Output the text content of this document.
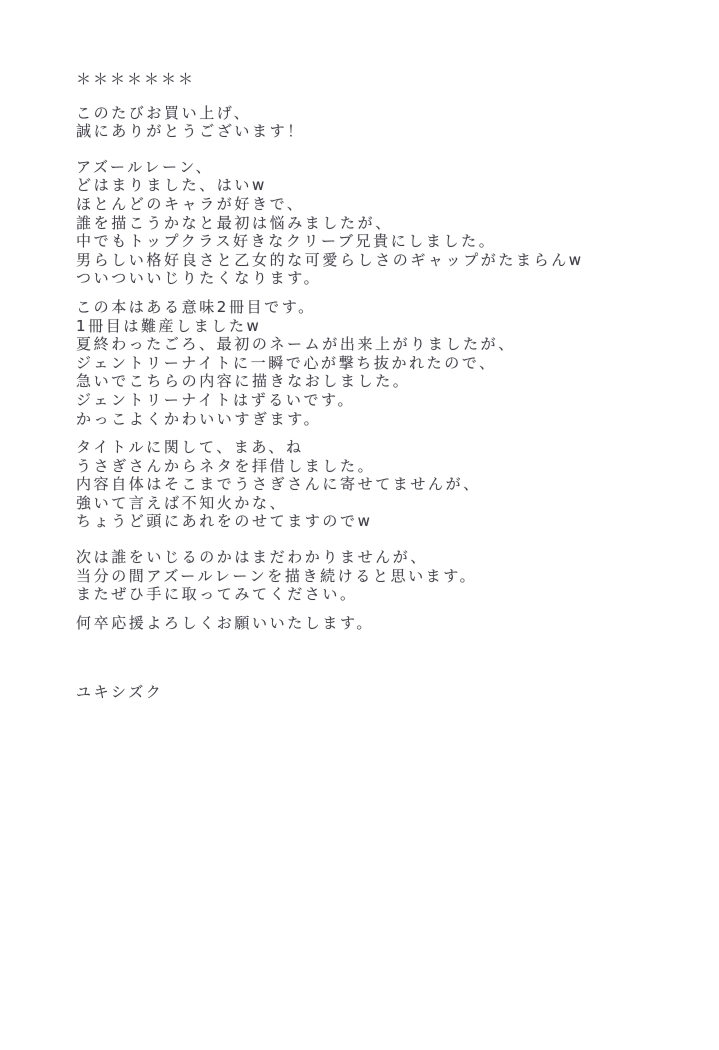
＊＊＊＊＊＊＊
このたびお買い上げ、
誠にありがとうございます！
アズールレーン、
どはまりました、はいw
ほとんどのキャラが好きで、
誰を描こうかなと最初は悩みましたが、
中でもトップクラス好きなクリーブ兄貴にしました。
男らしい格好良さと乙女的な可愛らしさのギャップがたまらんw
ついついいじりたくなります。
この本はある意味2冊目です。
1冊目は難産しましたw
夏終わったごろ、最初のネームが出来上がりましたが、
ジェントリーナイトに一瞬で心が撃ち抜かれたので、
急いでこちらの内容に描きなおしました。
ジェントリーナイトはずるいです。
かっこよくかわいいすぎます。
タイトルに関して、まあ、ね
うさぎさんからネタを拝借しました。
内容自体はそこまでうさぎさんに寄せてませんが、
強いて言えば不知火かな、
ちょうど頭にあれをのせてますのでw
次は誰をいじるのかはまだわかりませんが、
当分の間アズールレーンを描き続けると思います。
またぜひ手に取ってみてください。
何卒応援よろしくお願いいたします。
ユキシズク
